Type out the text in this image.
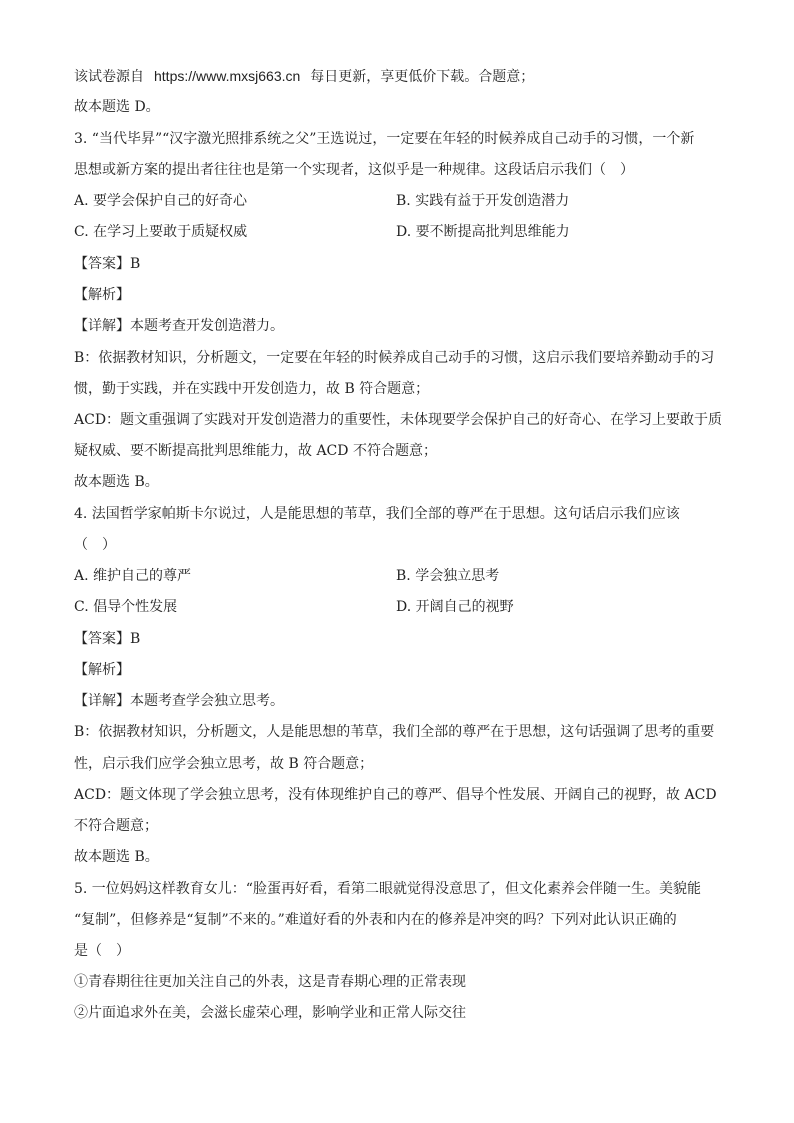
该试卷源自 https://www.mxsj663.cn 每日更新，享更低价下载。合题意；
故本题选 D。
3. “当代毕昇”“汉字激光照排系统之父”王选说过，一定要在年轻的时候养成自己动手的习惯，一个新
思想或新方案的提出者往往也是第一个实现者，这似乎是一种规律。这段话启示我们（　）
A. 要学会保护自己的好奇心	B. 实践有益于开发创造潜力
C. 在学习上要敢于质疑权威	D. 要不断提高批判思维能力
【答案】B
【解析】
【详解】本题考查开发创造潜力。
B：依据教材知识，分析题文，一定要在年轻的时候养成自己动手的习惯，这启示我们要培养勤动手的习
惯，勤于实践，并在实践中开发创造力，故 B 符合题意；
ACD：题文重强调了实践对开发创造潜力的重要性，未体现要学会保护自己的好奇心、在学习上要敢于质
疑权威、要不断提高批判思维能力，故 ACD 不符合题意；
故本题选 B。
4. 法国哲学家帕斯卡尔说过，人是能思想的苇草，我们全部的尊严在于思想。这句话启示我们应该
（　）
A. 维护自己的尊严	B. 学会独立思考
C. 倡导个性发展	D. 开阔自己的视野
【答案】B
【解析】
【详解】本题考查学会独立思考。
B：依据教材知识，分析题文，人是能思想的苇草，我们全部的尊严在于思想，这句话强调了思考的重要
性，启示我们应学会独立思考，故 B 符合题意；
ACD：题文体现了学会独立思考，没有体现维护自己的尊严、倡导个性发展、开阔自己的视野，故 ACD
不符合题意；
故本题选 B。
5. 一位妈妈这样教育女儿：“脸蛋再好看，看第二眼就觉得没意思了，但文化素养会伴随一生。美貌能
“复制”，但修养是“复制”不来的。”难道好看的外表和内在的修养是冲突的吗？下列对此认识正确的
是（　）
①青春期往往更加关注自己的外表，这是青春期心理的正常表现
②片面追求外在美，会滋长虚荣心理，影响学业和正常人际交往
